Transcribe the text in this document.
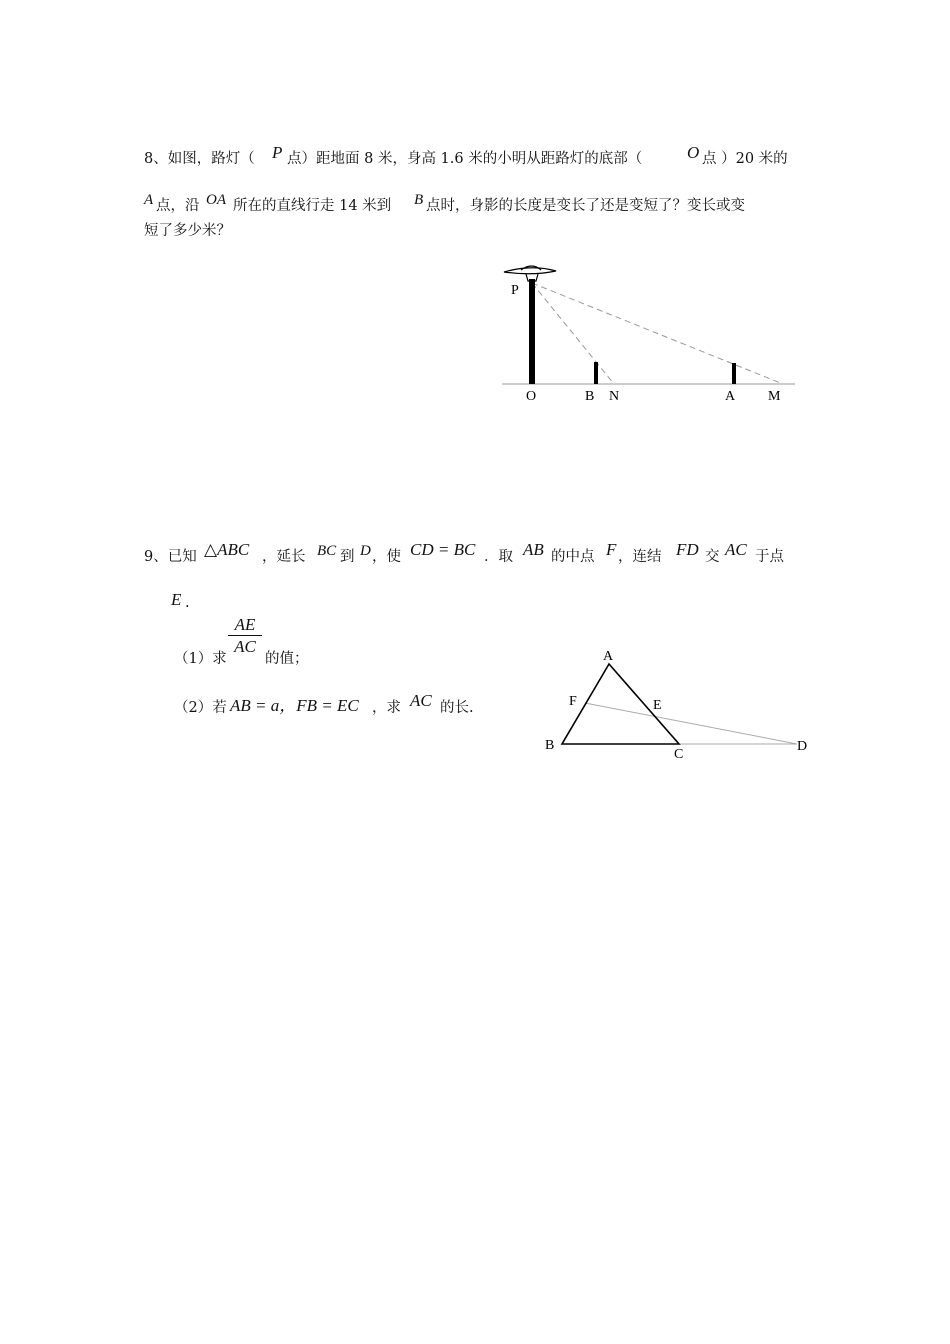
8、如图，路灯（ P 点）距地面 8 米，身高 1.6 米的小明从距路灯的底部（	O 点 ）20 米的
A 点，沿 OA 所在的直线行走 14 米到 B 点时，身影的长度是变长了还是变短了？变长或变
短了多少米？
P
O	B N	A M
9、已知 △ABC ，延长 BC 到 D ，使 CD = BC ．取 AB 的中点 F ，连结 FD 交 AC 于点
E .
（1）求
$\frac{AE}{AC}$
的值；
（2）若 AB = a，FB = EC ，求 AC 的长.
A
F	E
B
C
D
